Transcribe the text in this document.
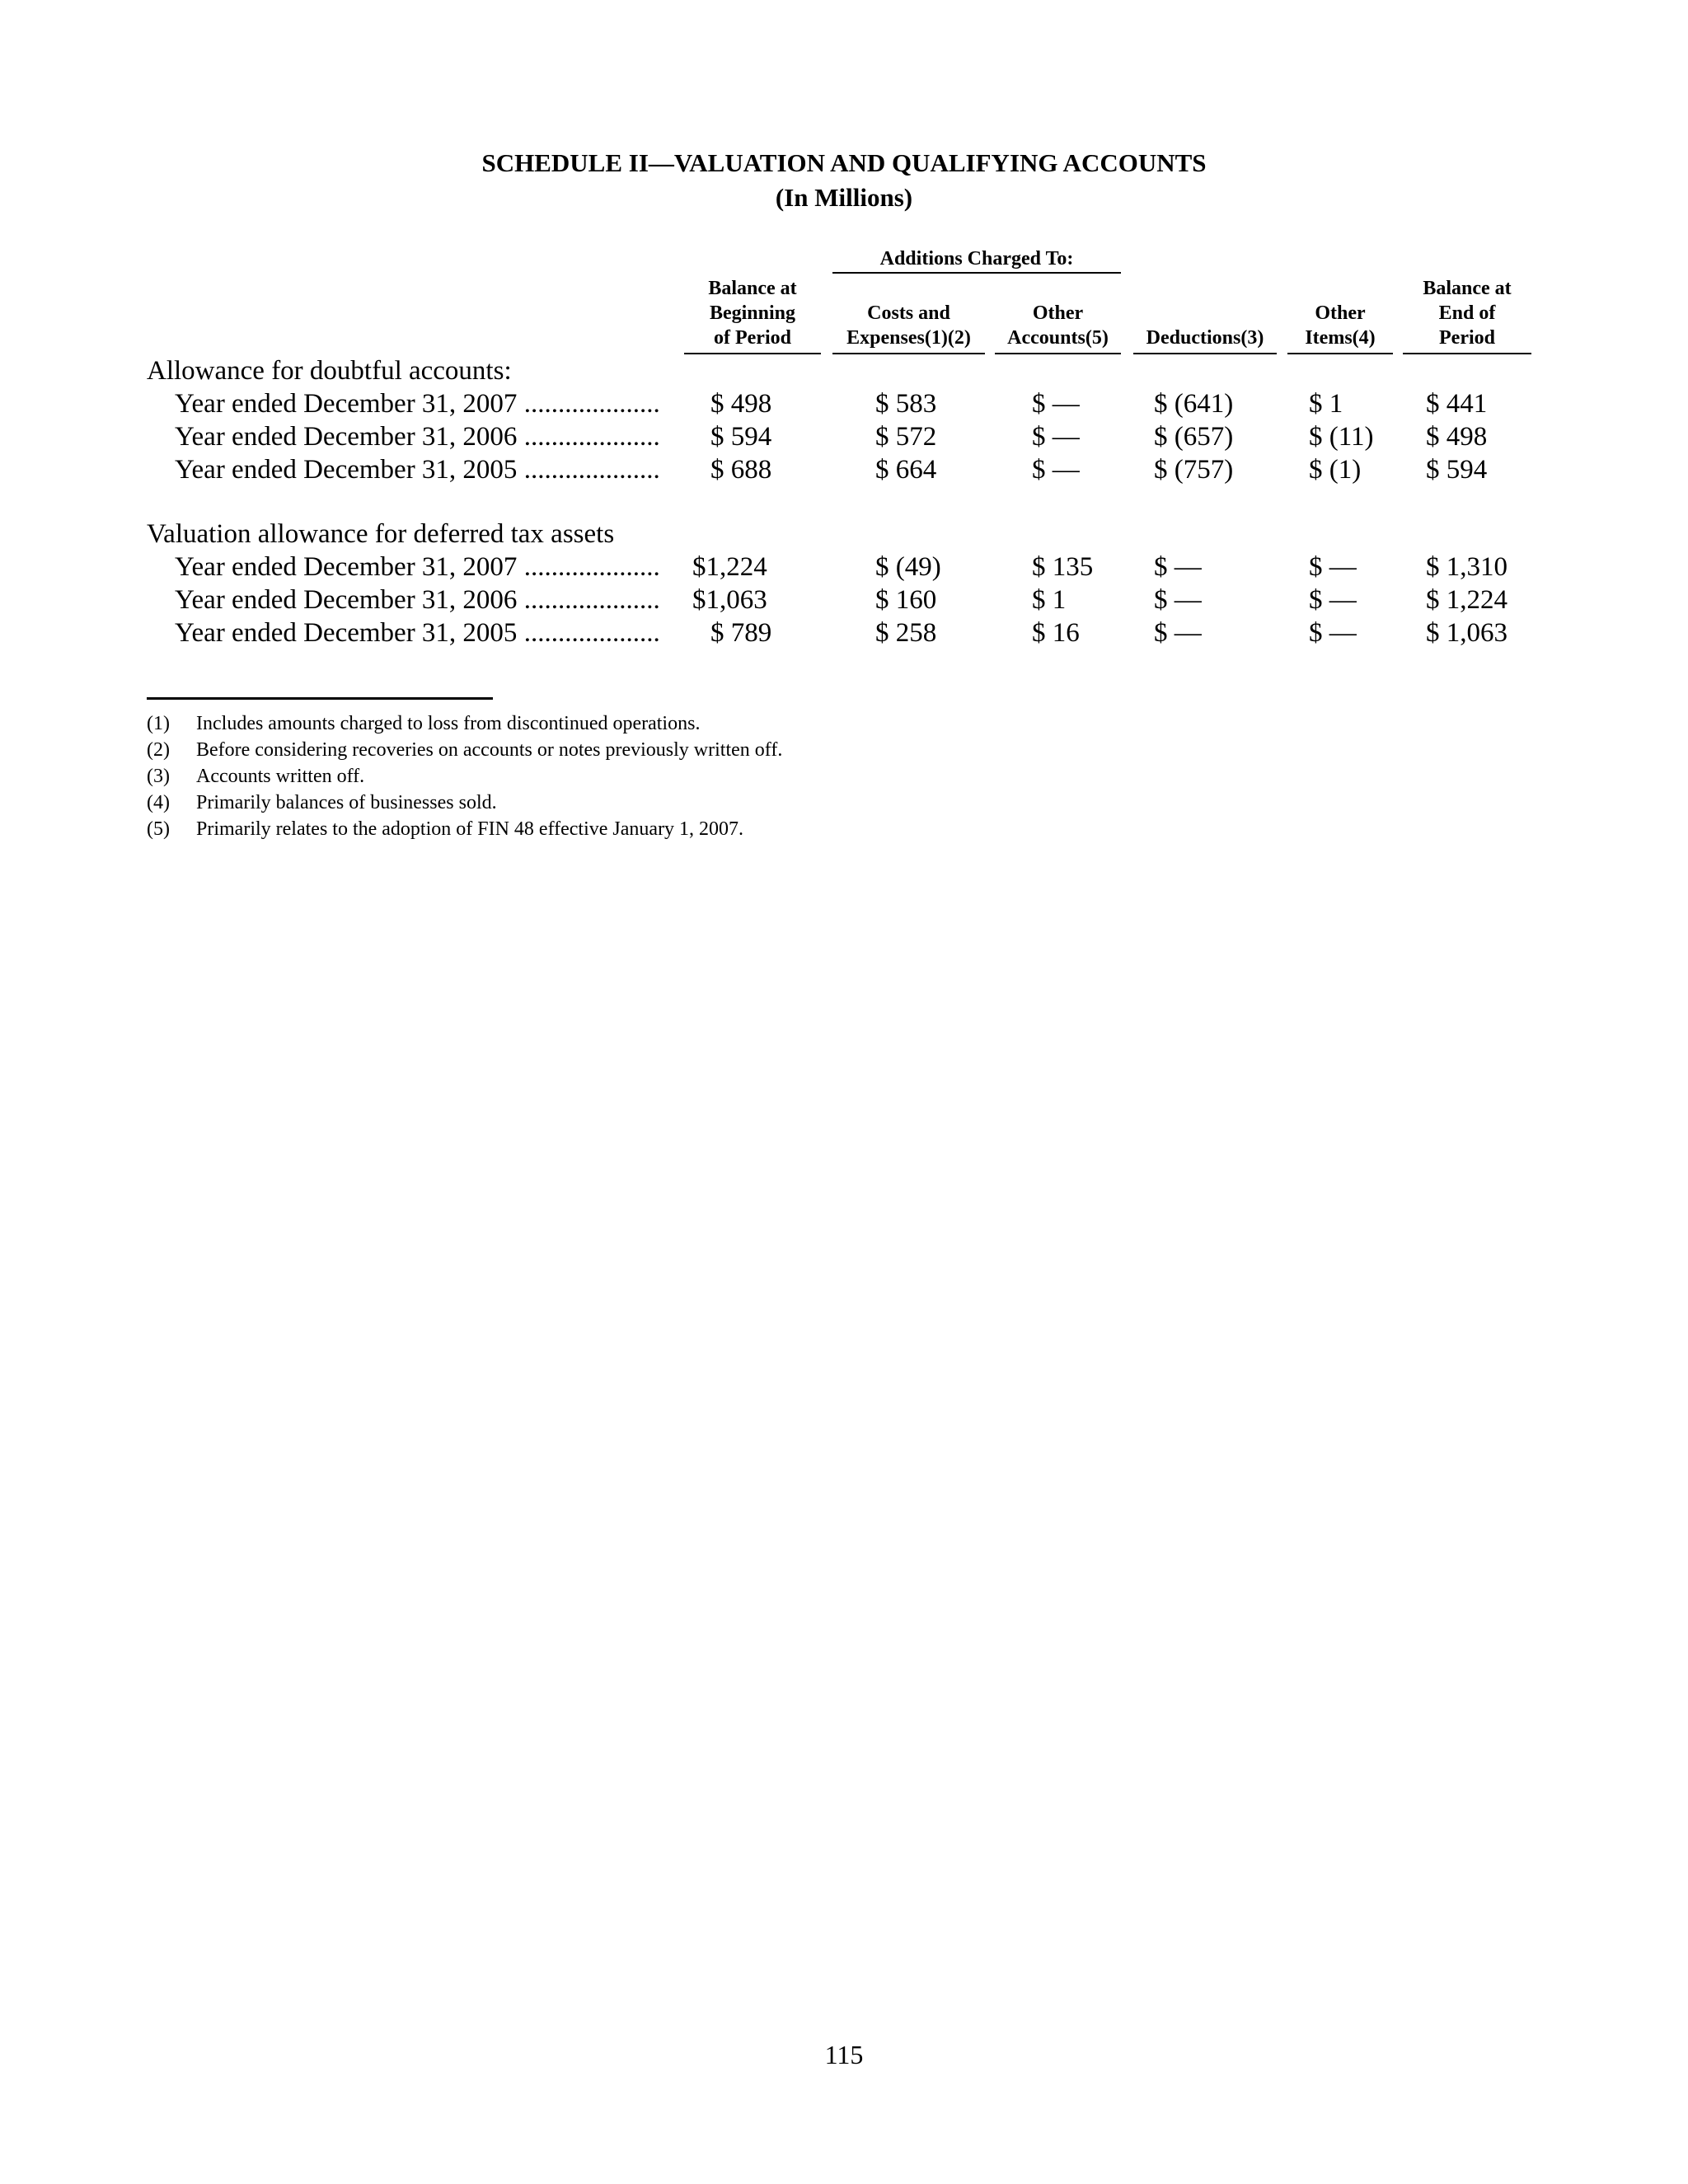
SCHEDULE II—VALUATION AND QUALIFYING ACCOUNTS
(In Millions)
Additions Charged To:
Balance at
Beginning
of Period

Costs and
Expenses(1)(2)

Other
Accounts(5)

	Deductions(3)

Other
Items(4)
Balance at
End of
Period
Allowance for doubtful accounts:
Year ended December 31, 2007 .................... $ 498	$ 583	$ —	$ (641)	$ 1	$ 441
Year ended December 31, 2006 .................... $ 594	$ 572	$ —	$ (657)	$ (11) $ 498
Year ended December 31, 2005 .................... $ 688	$ 664	$ —	$ (757)	$ (1) $ 594
Valuation allowance for deferred tax assets
Year ended December 31, 2007 .................... $1,224	$ (49)	$ 135 $ —	$ —	$ 1,310
Year ended December 31, 2006 .................... $1,063	$ 160	$ 1	$ —	$ —	$ 1,224
Year ended December 31, 2005 .................... $ 789	$ 258	$ 16	$ —	$ —	$ 1,063
(1) Includes amounts charged to loss from discontinued operations.
(2) Before considering recoveries on accounts or notes previously written off.
(3) Accounts written off.
(4) Primarily balances of businesses sold.
(5) Primarily relates to the adoption of FIN 48 effective January 1, 2007.
115
